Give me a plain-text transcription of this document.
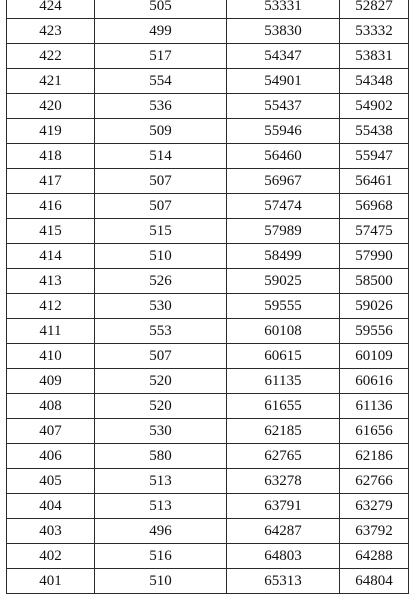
424	505	53331	52827
423	499	53830	53332
422	517	54347	53831
421	554	54901	54348
420	536	55437	54902
419	509	55946	55438
418	514	56460	55947
417	507	56967	56461
416	507	57474	56968
415	515	57989	57475
414	510	58499	57990
413	526	59025	58500
412	530	59555	59026
411	553	60108	59556
410	507	60615	60109
409	520	61135	60616
408	520	61655	61136
407	530	62185	61656
406	580	62765	62186
405	513	63278	62766
404	513	63791	63279
403	496	64287	63792
402	516	64803	64288
401	510	65313	64804
